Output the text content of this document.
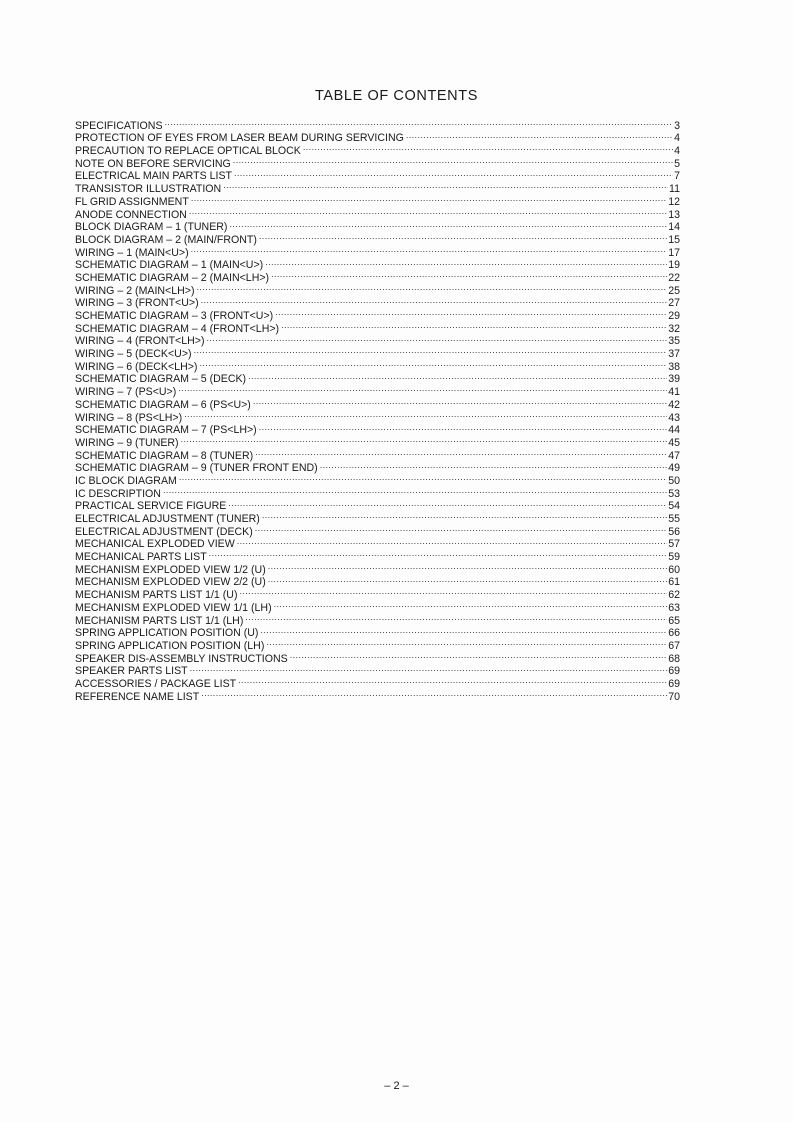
TABLE OF CONTENTS
SPECIFICATIONS .....	3
PROTECTION OF EYES FROM LASER BEAM DURING SERVICING .....	4
PRECAUTION TO REPLACE OPTICAL BLOCK .....	4
NOTE ON BEFORE SERVICING .....	5
ELECTRICAL MAIN PARTS LIST .....	7
TRANSISTOR ILLUSTRATION .....	11
FL GRID ASSIGNMENT .....	12
ANODE CONNECTION .....	13
BLOCK DIAGRAM – 1 (TUNER) .....	14
BLOCK DIAGRAM – 2 (MAIN/FRONT) .....	15
WIRING – 1 (MAIN<U>) .....	17
SCHEMATIC DIAGRAM – 1 (MAIN<U>) .....	19
SCHEMATIC DIAGRAM – 2 (MAIN<LH>) .....	22
WIRING – 2 (MAIN<LH>) .....	25
WIRING – 3 (FRONT<U>) .....	27
SCHEMATIC DIAGRAM – 3 (FRONT<U>) .....	29
SCHEMATIC DIAGRAM – 4 (FRONT<LH>) .....	32
WIRING – 4 (FRONT<LH>) .....	35
WIRING – 5 (DECK<U>) .....	37
WIRING – 6 (DECK<LH>) .....	38
SCHEMATIC DIAGRAM – 5 (DECK) .....	39
WIRING – 7 (PS<U>) .....	41
SCHEMATIC DIAGRAM – 6 (PS<U>) .....	42
WIRING – 8 (PS<LH>) .....	43
SCHEMATIC DIAGRAM – 7 (PS<LH>) .....	44
WIRING – 9 (TUNER) .....	45
SCHEMATIC DIAGRAM – 8 (TUNER) .....	47
SCHEMATIC DIAGRAM – 9 (TUNER FRONT END) .....	49
IC BLOCK DIAGRAM .....	50
IC DESCRIPTION .....	53
PRACTICAL SERVICE FIGURE .....	54
ELECTRICAL ADJUSTMENT (TUNER) .....	55
ELECTRICAL ADJUSTMENT (DECK) .....	56
MECHANICAL EXPLODED VIEW .....	57
MECHANICAL PARTS LIST .....	59
MECHANISM EXPLODED VIEW 1/2 (U) .....	60
MECHANISM EXPLODED VIEW 2/2 (U) .....	61
MECHANISM PARTS LIST 1/1 (U) .....	62
MECHANISM EXPLODED VIEW 1/1 (LH) .....	63
MECHANISM PARTS LIST 1/1 (LH) .....	65
SPRING APPLICATION POSITION (U) .....	66
SPRING APPLICATION POSITION (LH) .....	67
SPEAKER DIS-ASSEMBLY INSTRUCTIONS .....	68
SPEAKER PARTS LIST .....	69
ACCESSORIES / PACKAGE LIST .....	69
REFERENCE NAME LIST .....	70
– 2 –
